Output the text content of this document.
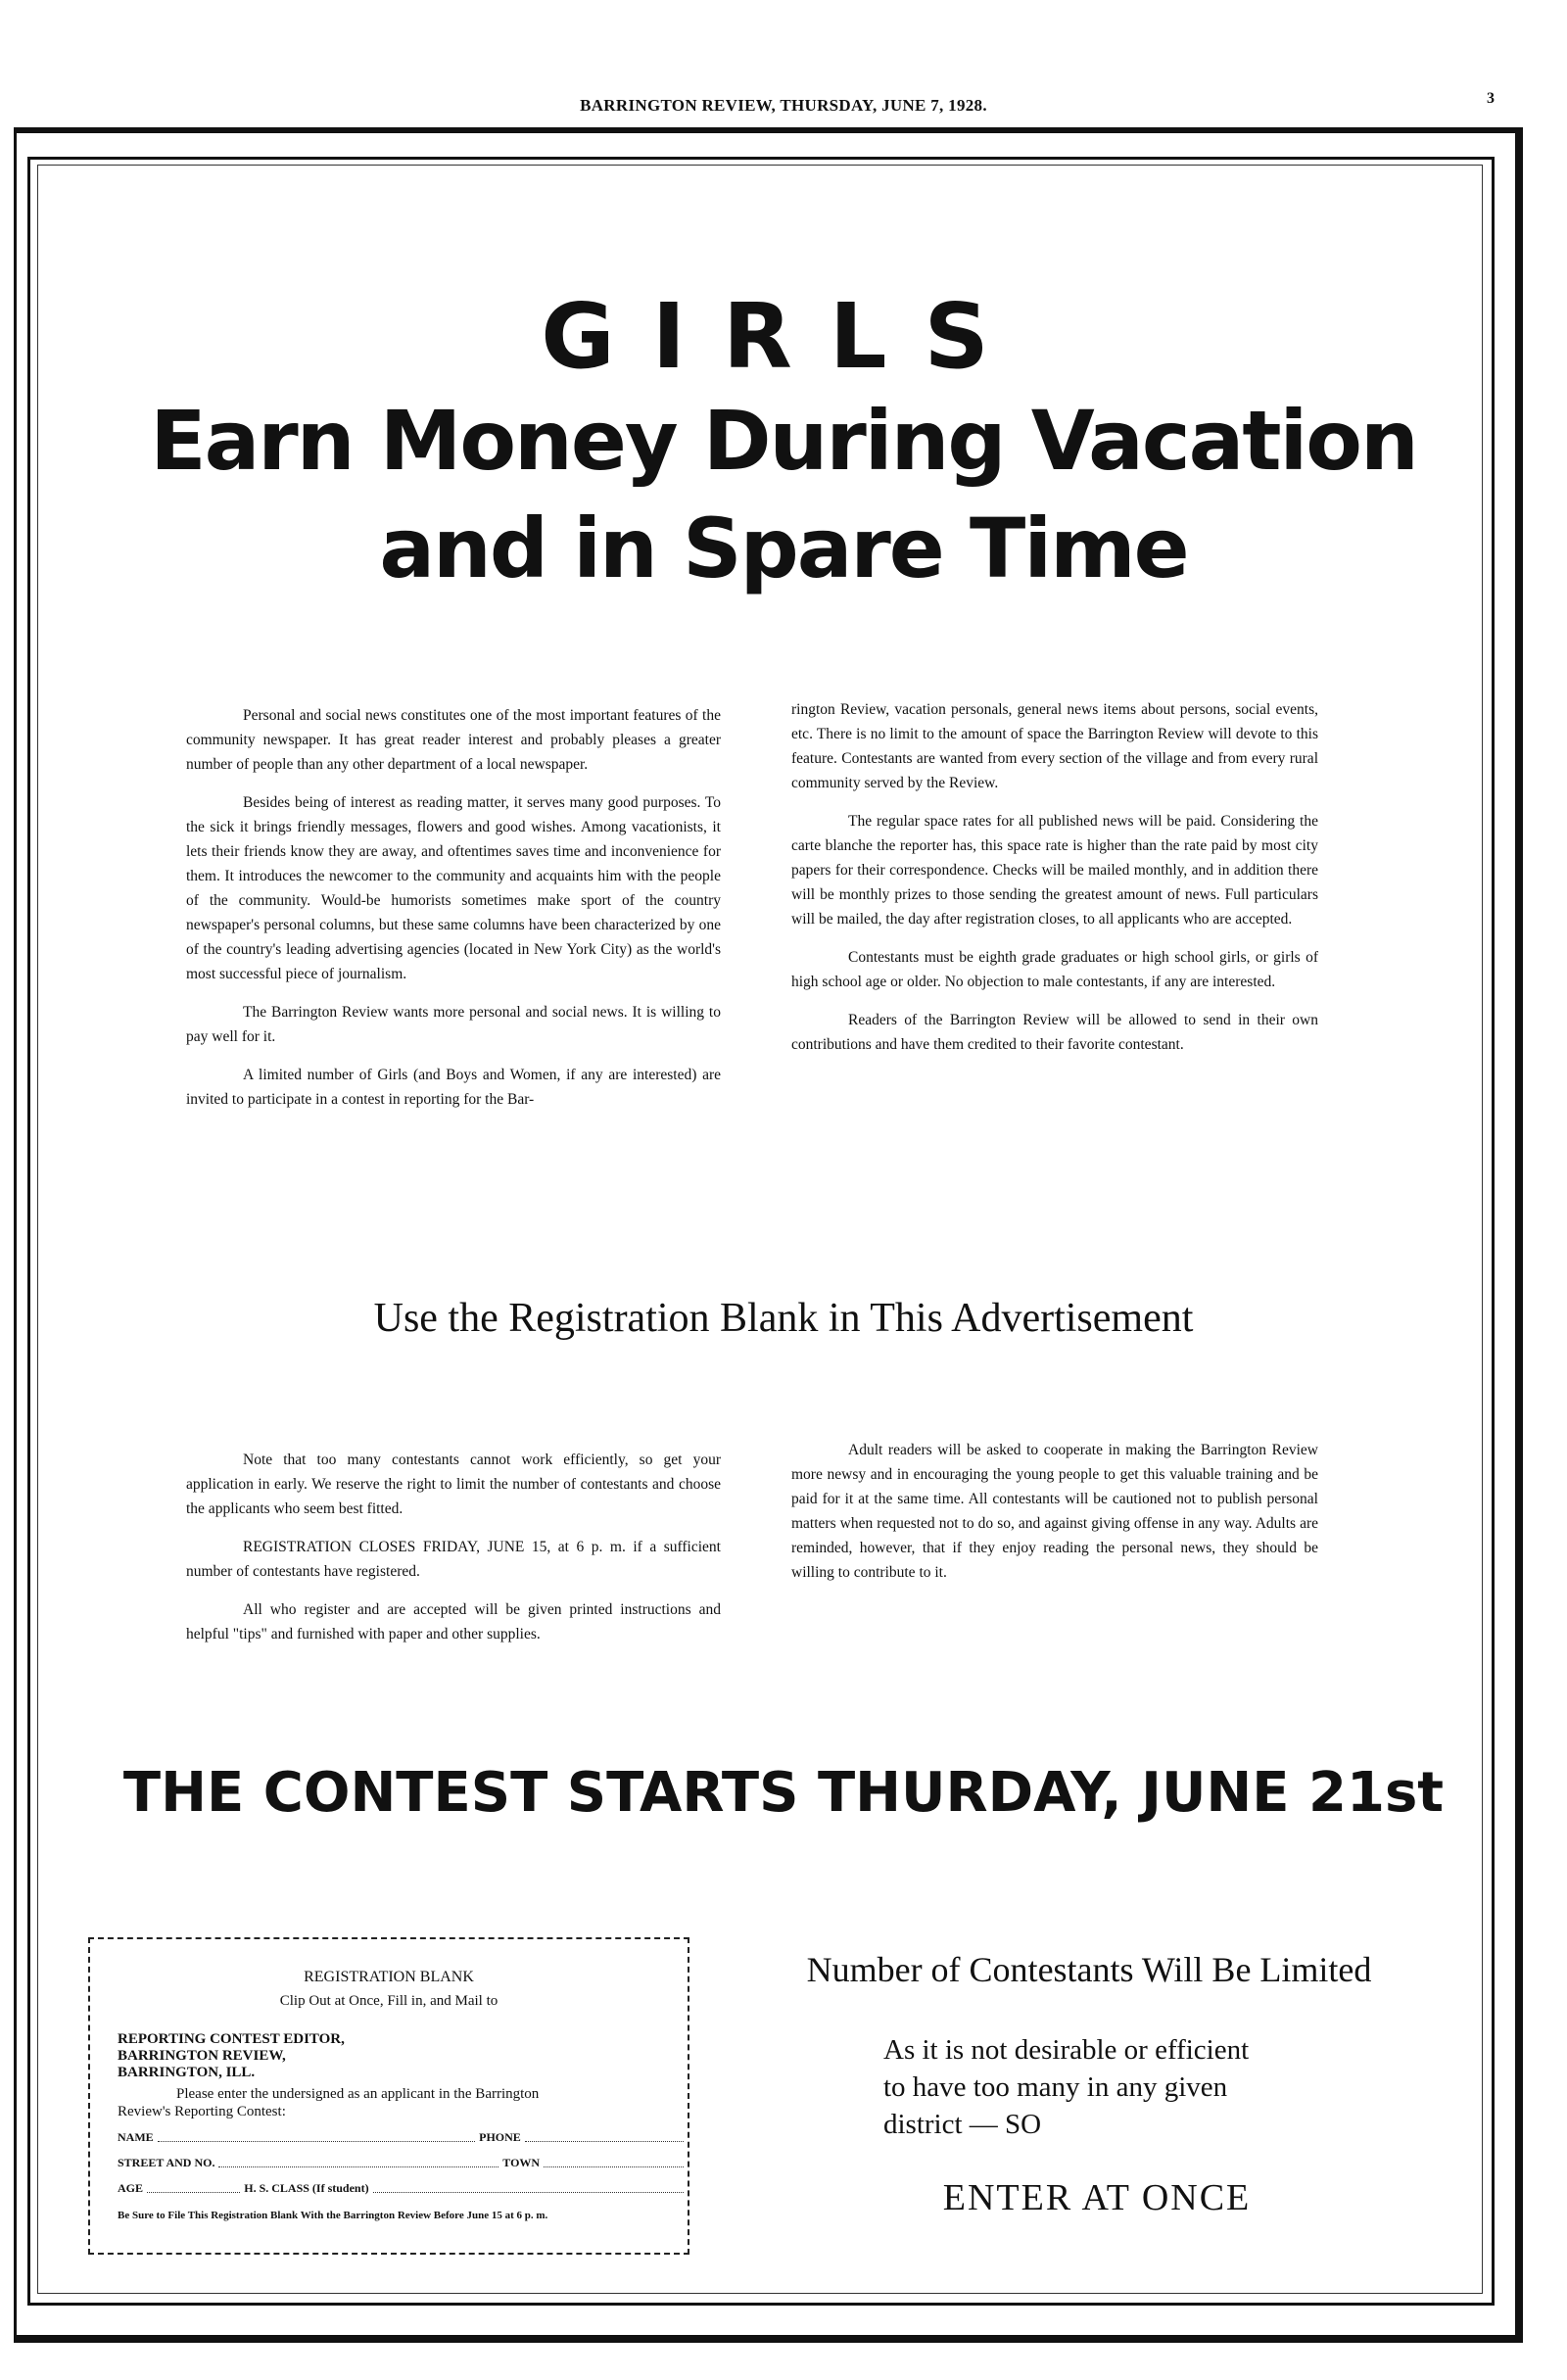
BARRINGTON REVIEW, THURSDAY, JUNE 7, 1928.	3
GIRLS
Earn Money During Vacation
and in Spare Time

Personal and social news constitutes one of the most important features of the community newspaper. It has great reader interest and probably pleases a greater number of people than any other department of a local newspaper.

Besides being of interest as reading matter, it serves many good purposes. To the sick it brings friendly messages, flowers and good wishes. Among vacationists, it lets their friends know they are away, and oftentimes saves time and inconvenience for them. It introduces the newcomer to the community and acquaints him with the people of the community. Would-be humorists sometimes make sport of the country newspaper's personal columns, but these same columns have been characterized by one of the country's leading advertising agencies (located in New York City) as the world's most successful piece of journalism.

The Barrington Review wants more personal and social news. It is willing to pay well for it.

A limited number of Girls (and Boys and Women, if any are interested) are invited to participate in a contest in reporting for the Bar-

rington Review, vacation personals, general news items about persons, social events, etc. There is no limit to the amount of space the Barrington Review will devote to this feature. Contestants are wanted from every section of the village and from every rural community served by the Review.

The regular space rates for all published news will be paid. Considering the carte blanche the reporter has, this space rate is higher than the rate paid by most city papers for their correspondence. Checks will be mailed monthly, and in addition there will be monthly prizes to those sending the greatest amount of news. Full particulars will be mailed, the day after registration closes, to all applicants who are accepted.

Contestants must be eighth grade graduates or high school girls, or girls of high school age or older. No objection to male contestants, if any are interested.

Readers of the Barrington Review will be allowed to send in their own contributions and have them credited to their favorite contestant.

Use the Registration Blank in This Advertisement

Note that too many contestants cannot work efficiently, so get your application in early. We reserve the right to limit the number of contestants and choose the applicants who seem best fitted.

REGISTRATION CLOSES FRIDAY, JUNE 15, at 6 p. m. if a sufficient number of contestants have registered.

All who register and are accepted will be given printed instructions and helpful "tips" and furnished with paper and other supplies.

Adult readers will be asked to cooperate in making the Barrington Review more newsy and in encouraging the young people to get this valuable training and be paid for it at the same time. All contestants will be cautioned not to publish personal matters when requested not to do so, and against giving offense in any way. Adults are reminded, however, that if they enjoy reading the personal news, they should be willing to contribute to it.

THE CONTEST STARTS THURDAY, JUNE 21st
REGISTRATION BLANK
Clip Out at Once, Fill in, and Mail to
REPORTING CONTEST EDITOR,
BARRINGTON REVIEW,
BARRINGTON, ILL.
Please enter the undersigned as an applicant in the Barrington
Review's Reporting Contest:
NAME	PHONE
STREET AND NO.	TOWN
AGE	H. S. CLASS (If student)
Be Sure to File This Registration Blank With the Barrington Review Before June 15 at 6 p. m.
Number of Contestants Will Be Limited
As it is not desirable or efficient
to have too many in any given
district — SO
ENTER AT ONCE
